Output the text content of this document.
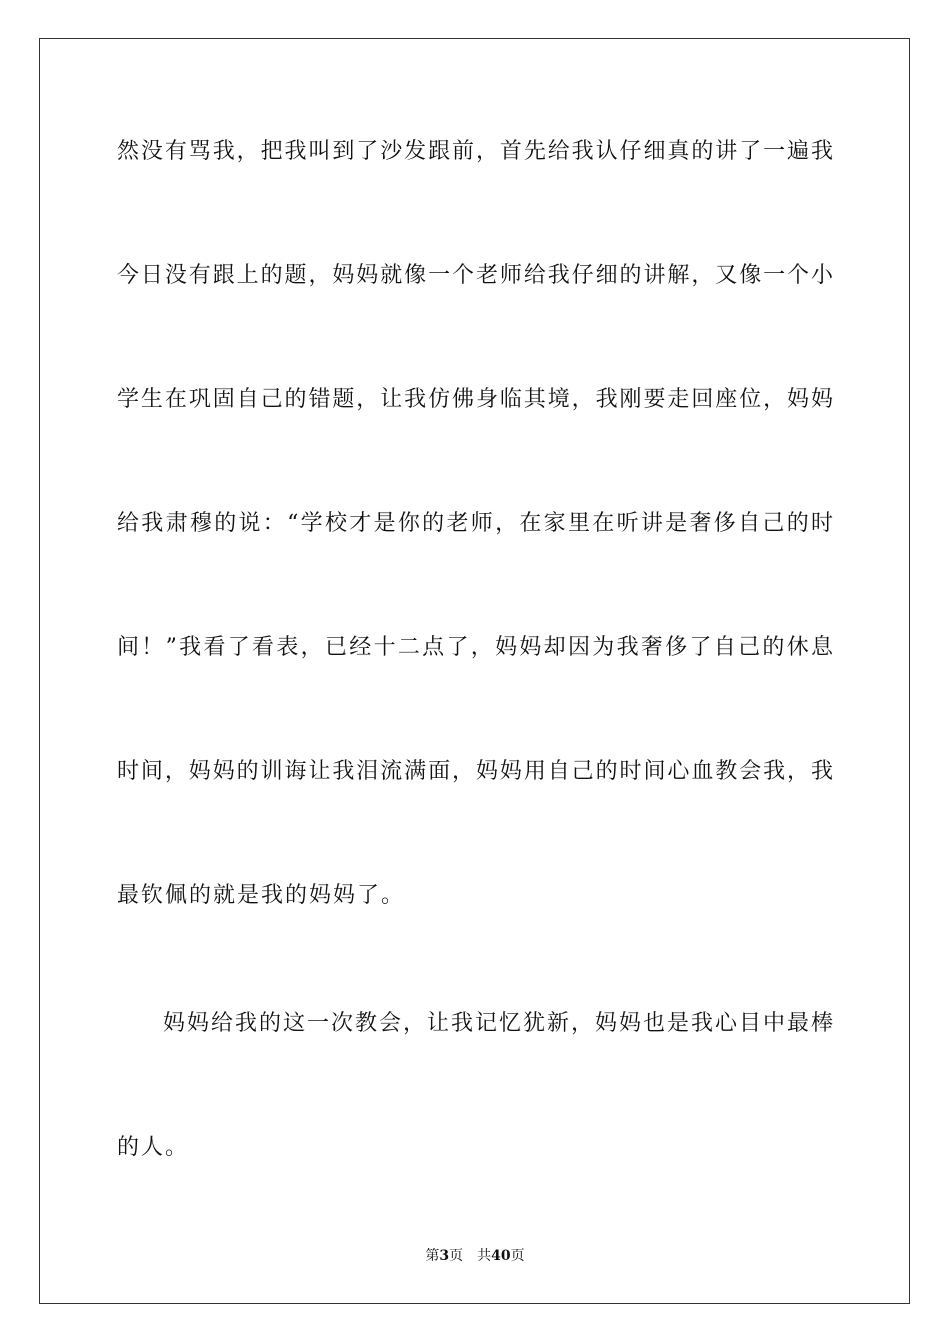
然没有骂我，把我叫到了沙发跟前，首先给我认仔细真的讲了一遍我
今日没有跟上的题，妈妈就像一个老师给我仔细的讲解，又像一个小
学生在巩固自己的错题，让我仿佛身临其境，我刚要走回座位，妈妈
给我肃穆的说：“学校才是你的老师，在家里在听讲是奢侈自己的时
间！”我看了看表，已经十二点了，妈妈却因为我奢侈了自己的休息
时间，妈妈的训诲让我泪流满面，妈妈用自己的时间心血教会我，我
最钦佩的就是我的妈妈了。
妈妈给我的这一次教会，让我记忆犹新，妈妈也是我心目中最棒
的人。
第3页 共40页
